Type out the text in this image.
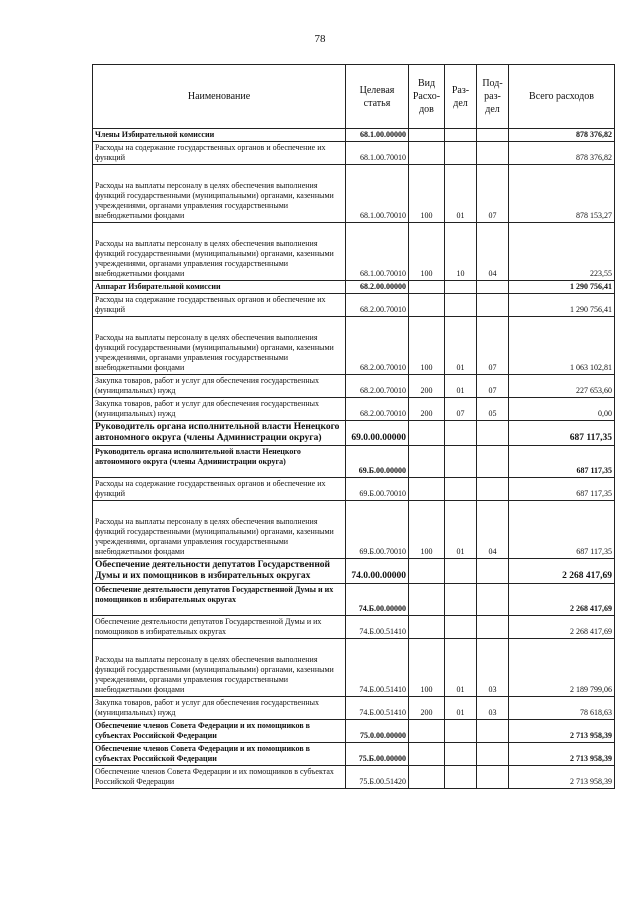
78
Наименование	Целевая статья	Вид Расхо-дов	Раз-дел	Под-раз-дел	Всего расходов
Члены Избирательной комиссии	68.1.00.00000				878 376,82
Расходы на содержание государственных органов и обеспечение их функций	68.1.00.70010				878 376,82
Расходы на выплаты персоналу в целях обеспечения выполнения функций государственными (муниципальными) органами, казенными учреждениями, органами управления государственными внебюджетными фондами	68.1.00.70010	100	01	07	878 153,27
Расходы на выплаты персоналу в целях обеспечения выполнения функций государственными (муниципальными) органами, казенными учреждениями, органами управления государственными внебюджетными фондами	68.1.00.70010	100	10	04	223,55
Аппарат Избирательной комиссии	68.2.00.00000				1 290 756,41
Расходы на содержание государственных органов и обеспечение их функций	68.2.00.70010				1 290 756,41
Расходы на выплаты персоналу в целях обеспечения выполнения функций государственными (муниципальными) органами, казенными учреждениями, органами управления государственными внебюджетными фондами	68.2.00.70010	100	01	07	1 063 102,81
Закупка товаров, работ и услуг для обеспечения государственных (муниципальных) нужд	68.2.00.70010	200	01	07	227 653,60
Закупка товаров, работ и услуг для обеспечения государственных (муниципальных) нужд	68.2.00.70010	200	07	05	0,00
Руководитель органа исполнительной власти Ненецкого автономного округа (члены Администрации округа)	69.0.00.00000				687 117,35
Руководитель органа исполнительной власти Ненецкого автономного округа (члены Администрации округа)	69.Б.00.00000				687 117,35
Расходы на содержание государственных органов и обеспечение их функций	69.Б.00.70010				687 117,35
Расходы на выплаты персоналу в целях обеспечения выполнения функций государственными (муниципальными) органами, казенными учреждениями, органами управления государственными внебюджетными фондами	69.Б.00.70010	100	01	04	687 117,35
Обеспечение деятельности депутатов Государственной Думы и их помощников в избирательных округах	74.0.00.00000				2 268 417,69
Обеспечение деятельности депутатов Государственной Думы и их помощников в избирательных округах	74.Б.00.00000				2 268 417,69
Обеспечение деятельности депутатов Государственной Думы и их помощников в избирательных округах	74.Б.00.51410				2 268 417,69
Расходы на выплаты персоналу в целях обеспечения выполнения функций государственными (муниципальными) органами, казенными учреждениями, органами управления государственными внебюджетными фондами	74.Б.00.51410	100	01	03	2 189 799,06
Закупка товаров, работ и услуг для обеспечения государственных (муниципальных) нужд	74.Б.00.51410	200	01	03	78 618,63
Обеспечение членов Совета Федерации и их помощников в субъектах Российской Федерации	75.0.00.00000				2 713 958,39
Обеспечение членов Совета Федерации и их помощников в субъектах Российской Федерации	75.Б.00.00000				2 713 958,39
Обеспечение членов Совета Федерации и их помощников в субъектах Российской Федерации	75.Б.00.51420				2 713 958,39
